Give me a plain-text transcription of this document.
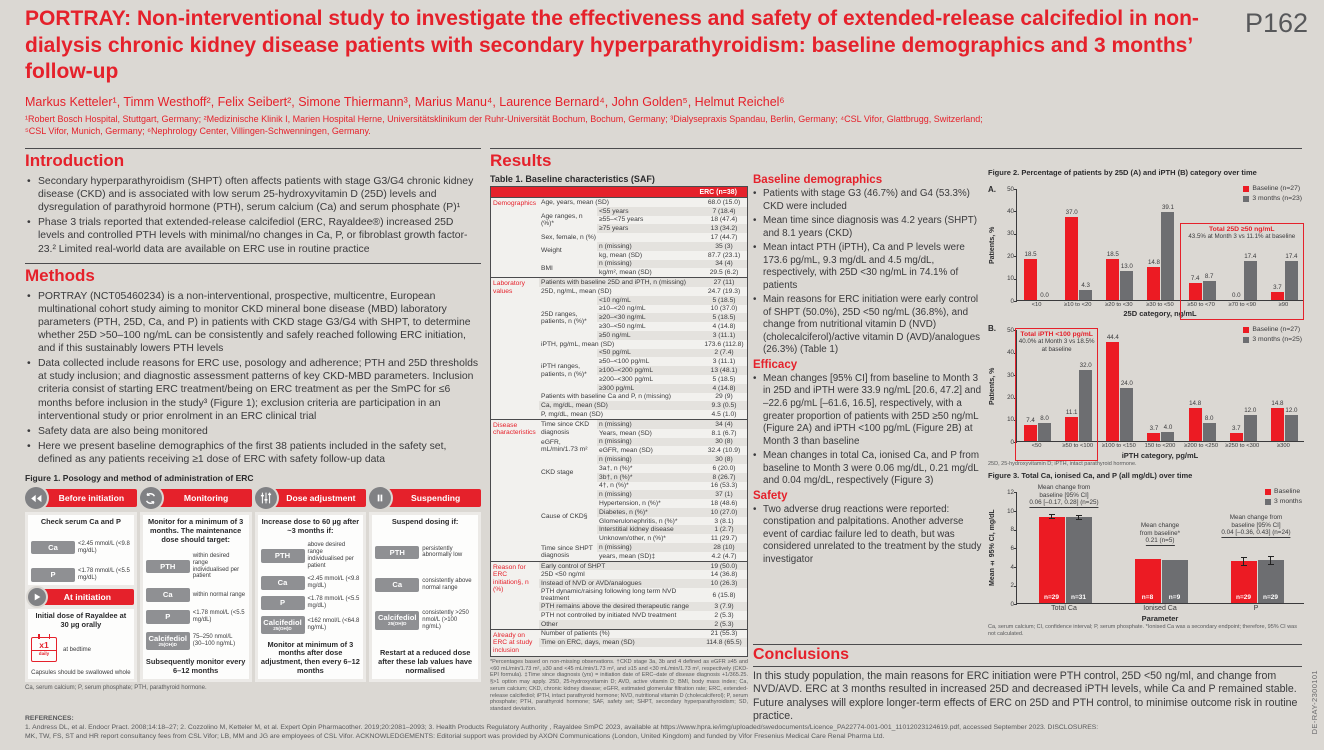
PORTRAY: Non-interventional study to investigate the effectiveness and safety of extended-release calcifediol in non-dialysis chronic kidney disease patients with secondary hyperparathyroidism: baseline demographics and 3 months’ follow-up
P162
Markus Ketteler¹, Timm Westhoff², Felix Seibert², Simone Thiermann³, Marius Manu⁴, Laurence Bernard⁴, John Golden⁵, Helmut Reichel⁶
¹Robert Bosch Hospital, Stuttgart, Germany; ²Medizinische Klinik I, Marien Hospital Herne, Universitätsklinikum der Ruhr-Universität Bochum, Bochum, Germany; ³Dialysepraxis Spandau, Berlin, Germany; ⁴CSL Vifor, Glattbrugg, Switzerland;
⁵CSL Vifor, Munich, Germany; ⁶Nephrology Center, Villingen-Schwenningen, Germany.
Introduction
• Secondary hyperparathyroidism (SHPT) often affects patients with stage G3/G4 chronic kidney disease (CKD) and is associated with low serum 25-hydroxyvitamin D (25D) levels and dysregulation of parathyroid hormone (PTH), serum calcium (Ca) and serum phosphate (P)¹
• Phase 3 trials reported that extended-release calcifediol (ERC, Rayaldee®) increased 25D levels and controlled PTH levels with minimal/no changes in Ca, P, or fibroblast growth factor-23.² Limited real-world data are available on ERC use in routine practice
Methods
• PORTRAY (NCT05460234) is a non-interventional, prospective, multicentre, European multinational cohort study aiming to monitor CKD mineral bone disease (MBD) laboratory parameters (PTH, 25D, Ca, and P) in patients with CKD stage G3/G4 with SHPT, to determine whether 25D >50–100 ng/mL can be consistently and safely reached following ERC initiation, and if this sustainably lowers PTH levels
• Data collected include reasons for ERC use, posology and adherence; PTH and 25D thresholds at study inclusion; and diagnostic assessment patterns of key CKD-MBD parameters. Inclusion criteria consist of starting ERC treatment/being on ERC treatment as per the SmPC for ≤6 months before inclusion in the study³ (Figure 1); exclusion criteria are participation in an interventional study or prior enrolment in an ERC clinical trial
• Safety data are also being monitored
• Here we present baseline demographics of the first 38 patients included in the safety set, defined as any patients receiving ≥1 dose of ERC with safety follow-up data
Figure 1. Posology and method of administration of ERC
Before initiation
Check serum Ca and P
Ca	<2.45 mmol/L (<9.8 mg/dL)
P	<1.78 mmol/L (<5.5 mg/dL)
At initiation
Initial dose of Rayaldee at 30 µg orally
x1
daily
at bedtime
Capsules should be swallowed whole
Monitoring
Monitor for a minimum of 3 months. The maintenance dose should target:
PTH
within desired range individualised per patient
Ca	within normal range
P	<1.78 mmol/L (<5.5 mg/dL)
Calcifediol
25(OH)D
75–250 nmol/L (30–100 ng/mL)
Subsequently monitor every 6–12 months
Dose adjustment
Increase dose to 60 µg after ~3 months if:
PTH
above desired range individualised per patient
Ca	<2.45 mmol/L (<9.8 mg/dL)
P	<1.78 mmol/L (<5.5 mg/dL)
Calcifediol
25(OH)D
<162 nmol/L (<64.8 ng/mL)
Monitor at minimum of 3 months after dose adjustment, then every 6–12 months
Suspending
Suspend dosing if:
PTH	persistently abnormally low
Ca	consistently above normal range
Calcifediol
25(OH)D
consistently >250 nmol/L (>100 ng/mL)
Restart at a reduced dose after these lab values have normalised
Ca, serum calcium; P, serum phosphate; PTH, parathyroid hormone.
Results
Table 1. Baseline characteristics (SAF)
ERC (n=38)
Demographics Age, years, mean (SD)	68.0 (15.0)
Age ranges, n (%)*
<55 years	7 (18.4)
≥55–<75 years	18 (47.4)
≥75 years	13 (34.2)
Sex, female, n (%)	17 (44.7)
Weight
n (missing)	35 (3)
kg, mean (SD)	87.7 (23.1)
BMI
n (missing)	34 (4)
kg/m², mean (SD)	29.5 (6.2)
Laboratory values
Patients with baseline 25D and iPTH, n (missing)	27 (11)
25D, ng/mL, mean (SD)	24.7 (19.3)
25D ranges, patients, n (%)*
<10 ng/mL	5 (18.5)
≥10–<20 ng/mL	10 (37.0)
≥20–<30 ng/mL	5 (18.5)
≥30–<50 ng/mL	4 (14.8)
≥50 ng/mL	3 (11.1)
iPTH, pg/mL, mean (SD)	173.6 (112.8)
iPTH ranges, patients, n (%)*
<50 pg/mL	2 (7.4)
≥50–<100 pg/mL	3 (11.1)
≥100–<200 pg/mL	13 (48.1)
≥200–<300 pg/mL	5 (18.5)
≥300 pg/mL	4 (14.8)
Patients with baseline Ca and P, n (missing)	29 (9)
Ca, mg/dL, mean (SD)	9.3 (0.5)
P, mg/dL, mean (SD)	4.5 (1.0)
Disease characteristics
Time since CKD diagnosis
n (missing)	34 (4)
Years, mean (SD)	8.1 (6.7)
eGFR, mL/min/1.73 m²
n (missing)	30 (8)
eGFR, mean (SD)	32.4 (10.9)
CKD stage
n (missing)	30 (8)
3a†, n (%)*	6 (20.0)
3b†, n (%)*	8 (26.7)
4†, n (%)*	16 (53.3)
Cause of CKD§
n (missing)	37 (1)
Hypertension, n (%)*	18 (48.6)
Diabetes, n (%)*	10 (27.0)
Glomerulonephritis, n (%)*	3 (8.1)
Interstitial kidney disease	1 (2.7)
Unknown/other, n (%)*	11 (29.7)
Time since SHPT diagnosis
n (missing)	28 (10)
years, mean (SD)‡	4.2 (4.7)
Reason for ERC initiation§, n (%)
Early control of SHPT	19 (50.0)
25D <50 ng/ml	14 (36.8)
Instead of NVD or AVD/analogues	10 (26.3)
PTH dynamic/raising following long term NVD treatment	6 (15.8)
PTH remains above the desired therapeutic range	3 (7.9)
PTH not controlled by initiated NVD treatment	2 (5.3)
Other	2 (5.3)
Already on ERC at study inclusion
Number of patients (%)	21 (55.3)
Time on ERC, days, mean (SD)	114.8 (65.5)
*Percentages based on non-missing observations. †CKD stage 3a, 3b and 4 defined as eGFR ≥45 and <60 mL/min/1.73 m², ≥30 and <45 mL/min/1.73 m², and ≥15 and <30 mL/min/1.73 m², respectively (CKD-EPI formula). ‡Time since diagnosis (yrs) = initiation date of ERC–date of disease diagnosis +1/365.25. §>1 option may apply. 25D, 25-hydroxyvitamin D; AVD, active vitamin D; BMI, body mass index; Ca, serum calcium; CKD, chronic kidney disease; eGFR, estimated glomerular filtration rate; ERC, extended-release calcifediol; iPTH, intact parathyroid hormone; NVD, nutritional vitamin D (cholecalciferol); P, serum phosphate; PTH, parathyroid hormone; SAF, safety set; SHPT, secondary hyperparathyroidism; SD, standard deviation.
Baseline demographics
• Patients with stage G3 (46.7%) and G4 (53.3%) CKD were included
• Mean time since diagnosis was 4.2 years (SHPT) and 8.1 years (CKD)
• Mean intact PTH (iPTH), Ca and P levels were 173.6 pg/mL, 9.3 mg/dL and 4.5 mg/dL, respectively, with 25D <30 ng/mL in 74.1% of patients
• Main reasons for ERC initiation were early control of SHPT (50.0%), 25D <50 ng/mL (36.8%), and change from nutritional vitamin D (NVD) (cholecalciferol)/active vitamin D (AVD)/analogues (26.3%) (Table 1)
Efficacy
• Mean changes [95% CI] from baseline to Month 3 in 25D and iPTH were 33.9 ng/mL [20.6, 47.2] and –22.6 pg/mL [–61.6, 16.5], respectively, with a greater proportion of patients with 25D ≥50 ng/mL (Figure 2A) and iPTH <100 pg/mL (Figure 2B) at Month 3 than baseline
• Mean changes in total Ca, ionised Ca, and P from baseline to Month 3 were 0.06 mg/dL, 0.21 mg/dL and 0.04 mg/dL, respectively (Figure 3)
Safety
• Two adverse drug reactions were reported: constipation and palpitations. Another adverse event of cardiac failure led to death, but was considered unrelated to the treatment by the study investigator
Figure 2. Percentage of patients by 25D (A) and iPTH (B) category over time
A.
Patients, %
0
10
20
30
40
50
18.5
0.0
37.0
4.3
18.5
13.0
14.8
39.1
7.4 8.7
0.0
17.4
3.7
17.4
<10	≥10 to <20	≥20 to <30	≥30 to <50	≥50 to <70	≥70 to <90	≥90
25D category, ng/mL
Baseline (n=27)
3 months (n=23)
Total 25D ≥50 ng/mL
43.5% at Month 3 vs 11.1% at baseline
B.
Patients, %
0
10
20
30
40
50
7.4 8.0
11.1
32.0
44.4
24.0
3.7 4.0
14.8
8.0
3.7
12.0
14.8
12.0
<50	≥50 to <100	≥100 to <150	150 to <200	≥200 to <250	≥250 to <300	≥300
iPTH category, pg/mL
Baseline (n=27)
3 months (n=25)
Total iPTH <100 pg/mL
40.0% at Month 3 vs 18.5% at baseline
25D, 25-hydroxyvitamin D; iPTH, intact parathyroid hormone.
Figure 3. Total Ca, ionised Ca, and P (all mg/dL) over time
Mean ± 95% CI, mg/dL
0
2
4
6
8
10
12
n=29	n=31	n=8	n=9	n=29	n=29
Total Ca	Ionised Ca	P
Parameter
Baseline
3 months
Mean change from
baseline [95% CI]
0.06 [–0.17, 0.28] (n=25)
Mean change
from baseline*
0.21 (n=5)
Mean change from
baseline [95% CI]
0.04 [–0.36, 0.43] (n=24)
Ca, serum calcium; CI, confidence interval; P, serum phosphate. *Ionised Ca was a secondary endpoint; therefore, 95% CI was not calculated.
Conclusions
In this study population, the main reasons for ERC initiation were PTH control, 25D <50 ng/ml, and change from NVD/AVD. ERC at 3 months resulted in increased 25D and decreased iPTH levels, while Ca and P remained stable. Future analyses will explore longer-term effects of ERC on 25D and PTH control, to minimise outcome risk in routine practice.
REFERENCES:
1. Andress DL, et al. Endocr Pract. 2008;14:18–27; 2. Cozzolino M, Ketteler M, et al. Expert Opin Pharmacother. 2019;20:2081–2093; 3. Health Products Regulatory Authority , Rayaldee SmPC 2023, available at https://www.hpra.ie/img/uploaded/swedocuments/Licence_PA22774-001-001_11012023124619.pdf, accessed September 2023. DISCLOSURES:
MK, TW, FS, ST and HR report consultancy fees from CSL Vifor; LB, MM and JG are employees of CSL Vifor. ACKNOWLEDGEMENTS: Editorial support was provided by AXON Communications (London, United Kingdom) and funded by Vifor Fresenius Medical Care Renal Pharma Ltd.
DE-RAY-2300101
